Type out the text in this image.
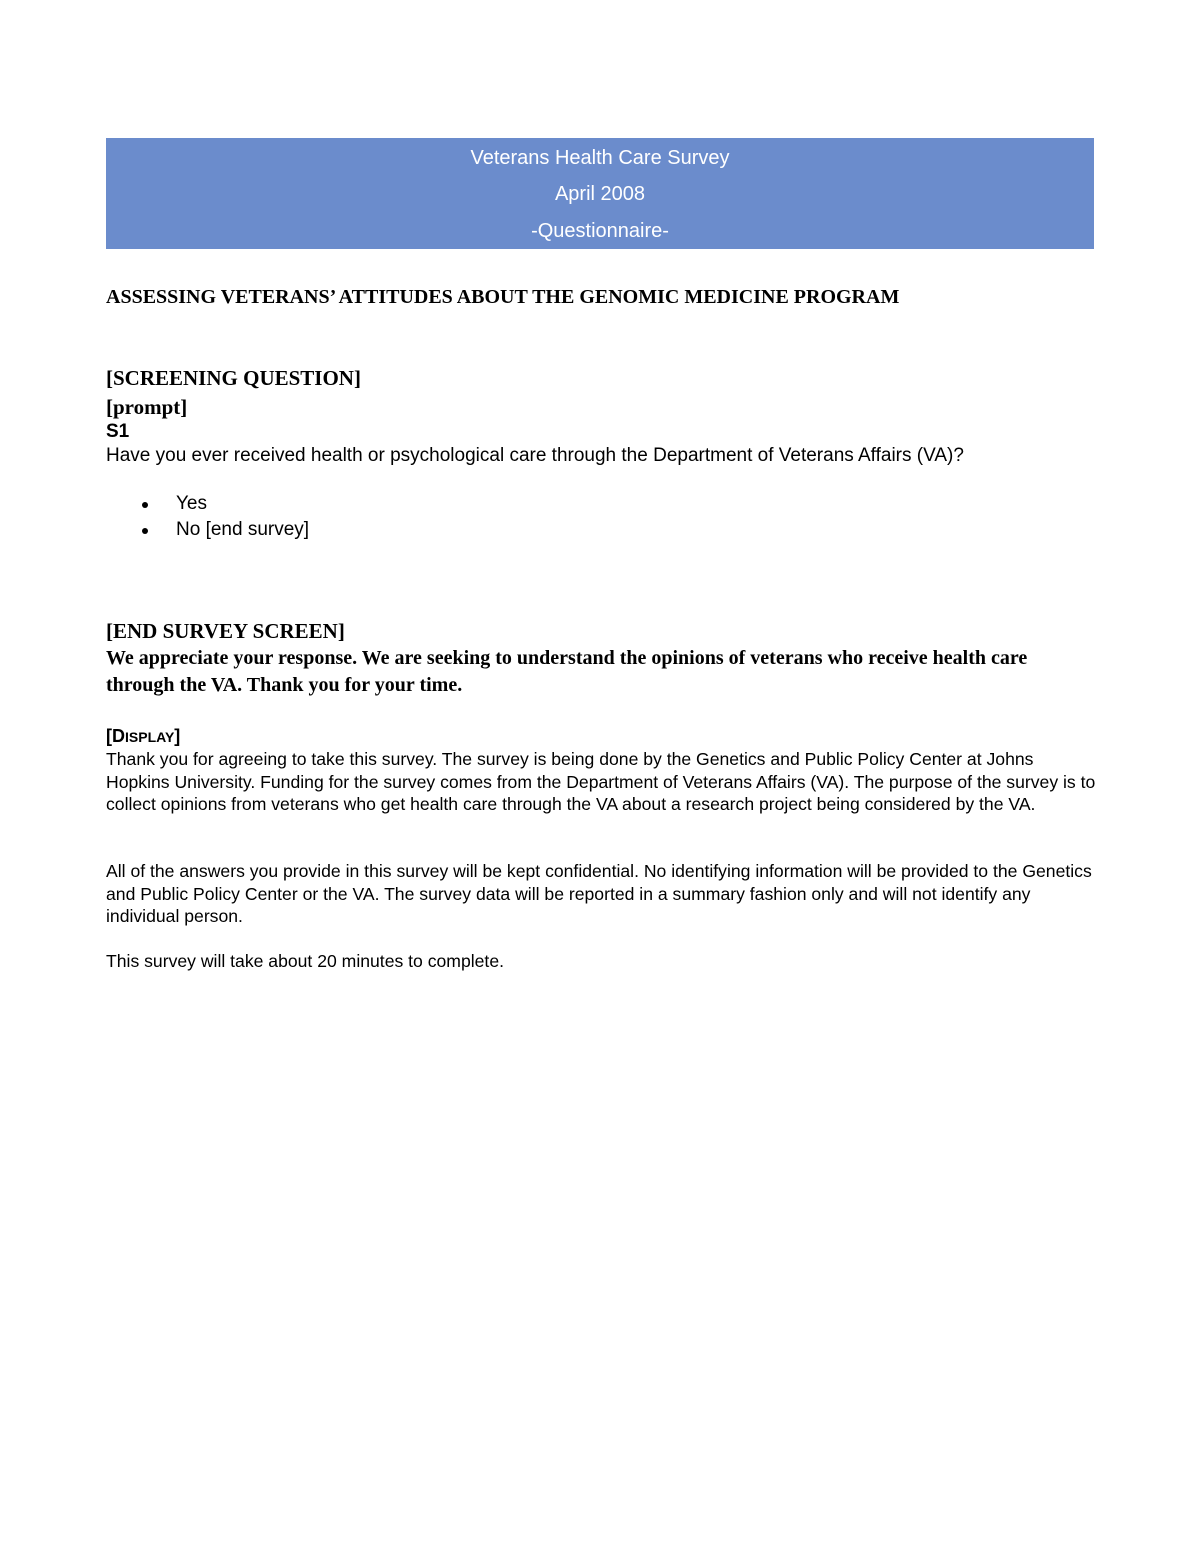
Veterans Health Care Survey
April 2008
-Questionnaire-
ASSESSING VETERANS’ ATTITUDES ABOUT THE GENOMIC MEDICINE PROGRAM
[SCREENING QUESTION]
[prompt]
S1
Have you ever received health or psychological care through the Department of Veterans Affairs (VA)?
Yes
No [end survey]
[END SURVEY SCREEN]
We appreciate your response. We are seeking to understand the opinions of veterans who receive health care through the VA. Thank you for your time.
[DISPLAY]
Thank you for agreeing to take this survey. The survey is being done by the Genetics and Public Policy Center at Johns Hopkins University. Funding for the survey comes from the Department of Veterans Affairs (VA). The purpose of the survey is to collect opinions from veterans who get health care through the VA about a research project being considered by the VA.
All of the answers you provide in this survey will be kept confidential. No identifying information will be provided to the Genetics and Public Policy Center or the VA. The survey data will be reported in a summary fashion only and will not identify any individual person.
This survey will take about 20 minutes to complete.
